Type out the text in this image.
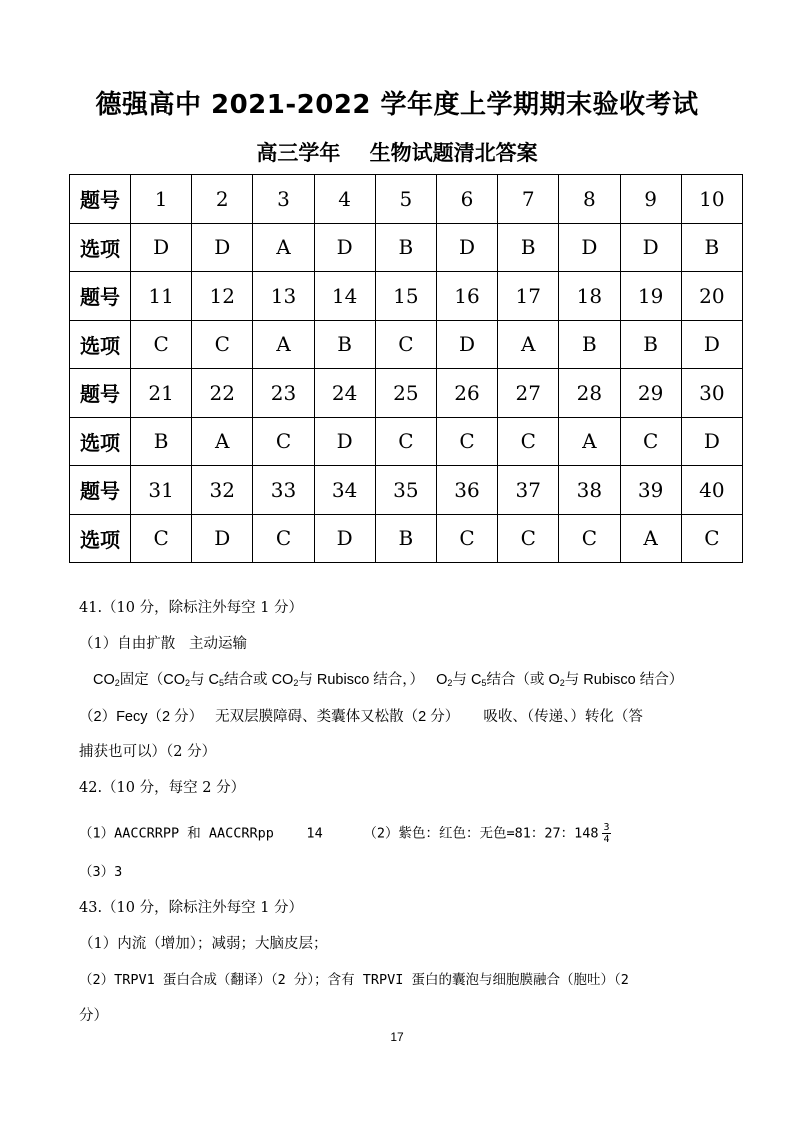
德强高中 2021-2022 学年度上学期期末验收考试
高三学年    生物试题清北答案
题号	1	2	3	4	5	6	7	8	9	10
选项	D	D	A	D	B	D	B	D	D	B
题号	11	12	13	14	15	16	17	18	19	20
选项	C	C	A	B	C	D	A	B	B	D
题号	21	22	23	24	25	26	27	28	29	30
选项	B	A	C	D	C	C	C	A	C	D
题号	31	32	33	34	35	36	37	38	39	40
选项	C	D	C	D	B	C	C	C	A	C
41.（10 分，除标注外每空 1 分）
（1）自由扩散   主动运输
$CO_2$固定（$CO_2$与 $C_5$结合或 $CO_2$与 Rubisco 结合，）   $O_2$与 $C_5$结合（或 $O_2$与 Rubisco 结合）
（2）Fecy（2 分）   无双层膜障碍、类囊体又松散（2 分）      吸收、（传递、）转化（答
捕获也可以）（2 分）
42.（10 分，每空 2 分）
（1）AACCRRPP 和 AACCRRpp    14     （2）紫色：红色：无色=81：27：$148 \frac{3}{4}$
（3）3
43.（10 分，除标注外每空 1 分）
（1）内流（增加）；减弱；大脑皮层；
（2）TRPV1 蛋白合成（翻译）（2 分）；含有 TRPVI 蛋白的囊泡与细胞膜融合（胞吐）（2
分）
17
